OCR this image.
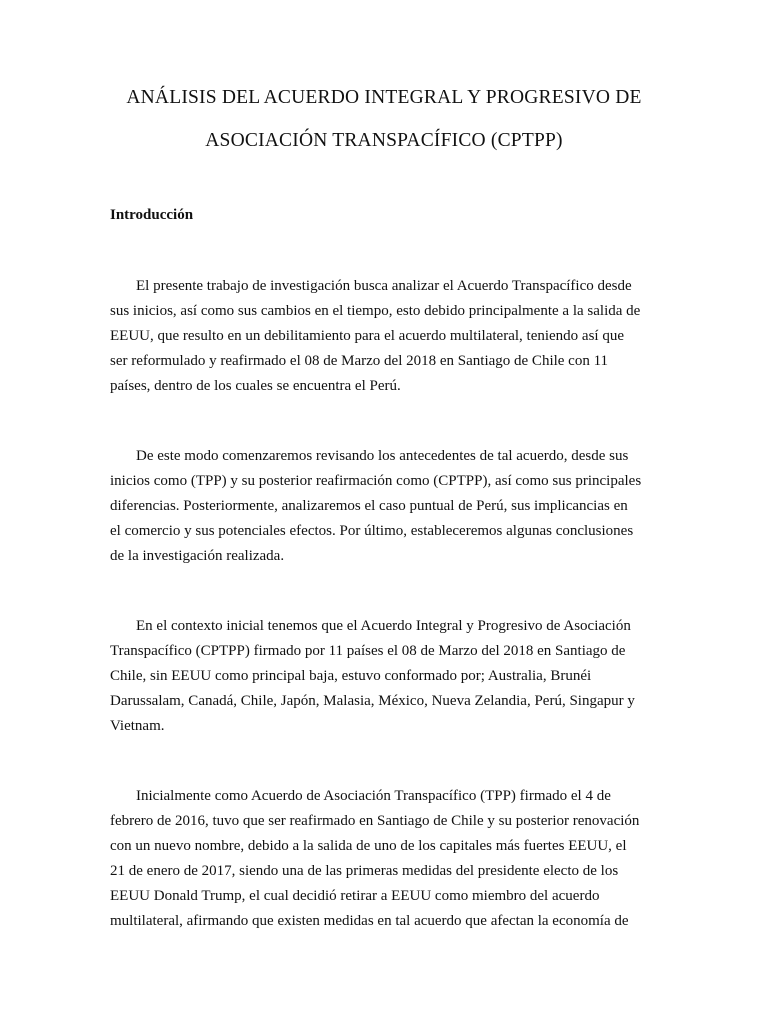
ANÁLISIS DEL ACUERDO INTEGRAL Y PROGRESIVO DE
ASOCIACIÓN TRANSPACÍFICO (CPTPP)
Introducción
El presente trabajo de investigación busca analizar el Acuerdo Transpacífico desde
sus inicios, así como sus cambios en el tiempo, esto debido principalmente a la salida de
EEUU, que resulto en un debilitamiento para el acuerdo multilateral, teniendo así que
ser reformulado y reafirmado el 08 de Marzo del 2018 en Santiago de Chile con 11
países, dentro de los cuales se encuentra el Perú.
De este modo comenzaremos revisando los antecedentes de tal acuerdo, desde sus
inicios como (TPP) y su posterior reafirmación como (CPTPP), así como sus principales
diferencias. Posteriormente, analizaremos el caso puntual de Perú, sus implicancias en
el comercio y sus potenciales efectos. Por último, estableceremos algunas conclusiones
de la investigación realizada.
En el contexto inicial tenemos que el Acuerdo Integral y Progresivo de Asociación
Transpacífico (CPTPP) firmado por 11 países el 08 de Marzo del 2018 en Santiago de
Chile, sin EEUU como principal baja, estuvo conformado por; Australia, Brunéi
Darussalam, Canadá, Chile, Japón, Malasia, México, Nueva Zelandia, Perú, Singapur y
Vietnam.
Inicialmente como Acuerdo de Asociación Transpacífico (TPP) firmado el 4 de
febrero de 2016, tuvo que ser reafirmado en Santiago de Chile y su posterior renovación
con un nuevo nombre, debido a la salida de uno de los capitales más fuertes EEUU, el
21 de enero de 2017, siendo una de las primeras medidas del presidente electo de los
EEUU Donald Trump, el cual decidió retirar a EEUU como miembro del acuerdo
multilateral, afirmando que existen medidas en tal acuerdo que afectan la economía de
